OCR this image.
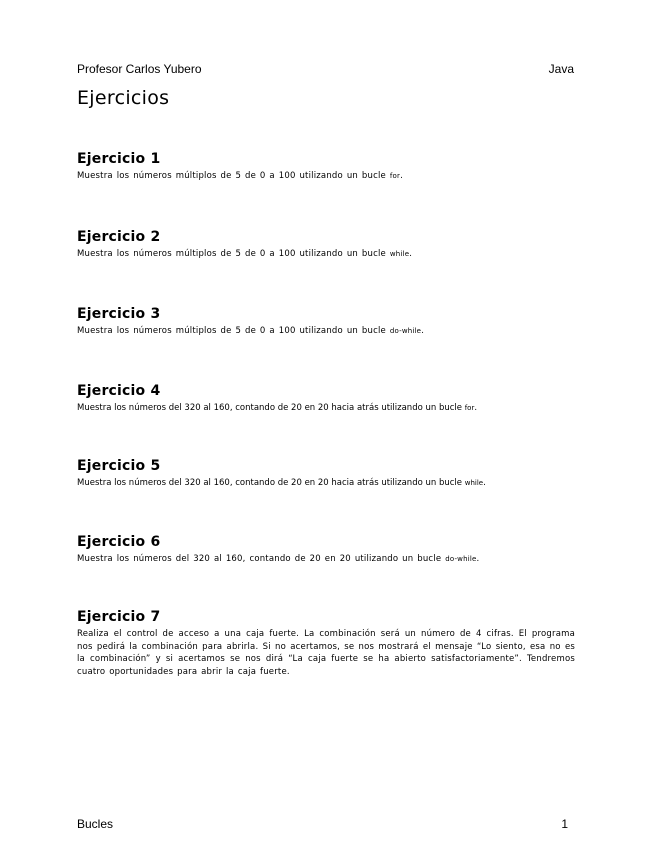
Profesor Carlos Yubero	Java
Ejercicios
Ejercicio 1

Muestra los números múltiplos de 5 de 0 a 100 utilizando un bucle for.

Ejercicio 2

Muestra los números múltiplos de 5 de 0 a 100 utilizando un bucle while.

Ejercicio 3

Muestra los números múltiplos de 5 de 0 a 100 utilizando un bucle do-while.

Ejercicio 4

Muestra los números del 320 al 160, contando de 20 en 20 hacia atrás utilizando un bucle for.

Ejercicio 5

Muestra los números del 320 al 160, contando de 20 en 20 hacia atrás utilizando un bucle while.

Ejercicio 6

Muestra los números del 320 al 160, contando de 20 en 20 utilizando un bucle do-while.

Ejercicio 7

Realiza el control de acceso a una caja fuerte. La combinación será un número de 4 cifras. El programa nos pedirá la combinación para abrirla. Si no acertamos, se nos mostrará el mensaje “Lo siento, esa no es la combinación” y si acertamos se nos dirá “La caja fuerte se ha abierto satisfactoriamente”. Tendremos cuatro oportunidades para abrir la caja fuerte.

Bucles	1
